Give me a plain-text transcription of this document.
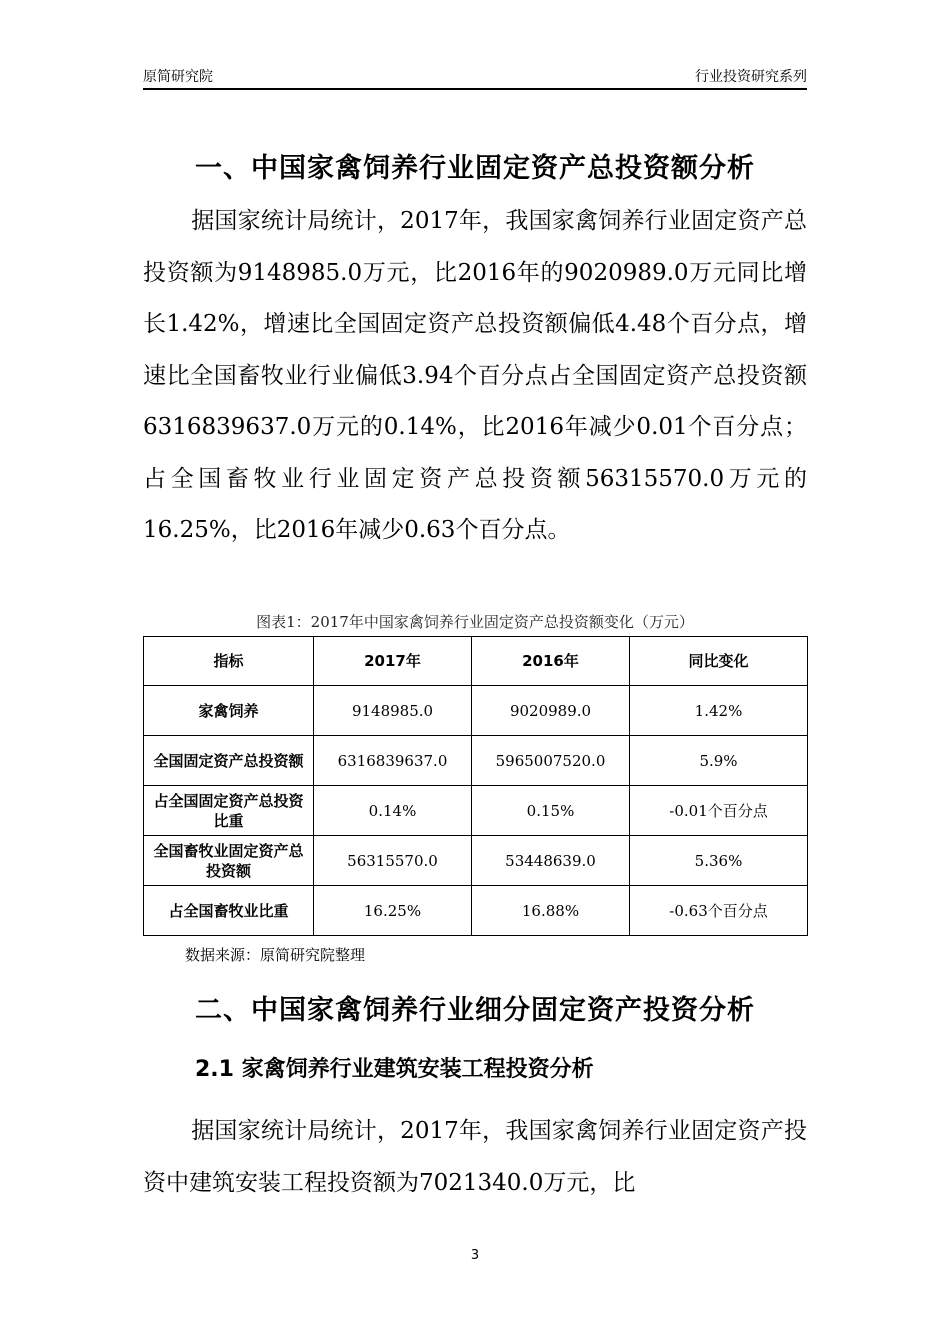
原简研究院	行业投资研究系列
一、中国家禽饲养行业固定资产总投资额分析

据国家统计局统计，2017年，我国家禽饲养行业固定资产总投资额为9148985.0万元，比2016年的9020989.0万元同比增长1.42%，增速比全国固定资产总投资额偏低4.48个百分点，增速比全国畜牧业行业偏低3.94个百分点占全国固定资产总投资额6316839637.0万元的0.14%，比2016年减少0.01个百分点；占全国畜牧业行业固定资产总投资额56315570.0万元的16.25%，比2016年减少0.63个百分点。

图表1：2017年中国家禽饲养行业固定资产总投资额变化（万元）
指标	2017年	2016年	同比变化
家禽饲养	9148985.0	9020989.0	1.42%
全国固定资产总投资额	6316839637.0	5965007520.0	5.9%
占全国固定资产总投资比重	0.14%	0.15%	-0.01个百分点
全国畜牧业固定资产总投资额	56315570.0	53448639.0	5.36%
占全国畜牧业比重	16.25%	16.88%	-0.63个百分点
数据来源：原简研究院整理
二、中国家禽饲养行业细分固定资产投资分析
2.1 家禽饲养行业建筑安装工程投资分析

据国家统计局统计，2017年，我国家禽饲养行业固定资产投资中建筑安装工程投资额为7021340.0万元，比

3
